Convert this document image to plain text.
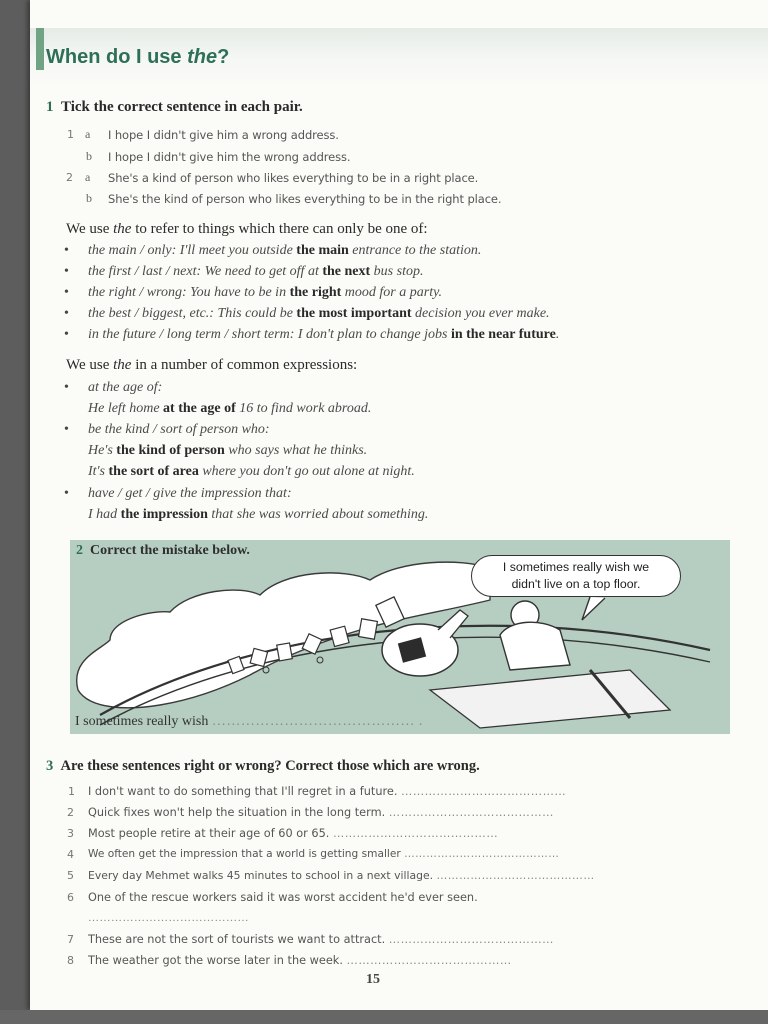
When do I use the?
1 Tick the correct sentence in each pair.
1 a I hope I didn't give him a wrong address.
b I hope I didn't give him the wrong address.
2 a She's a kind of person who likes everything to be in a right place.
b She's the kind of person who likes everything to be in the right place.
We use the to refer to things which there can only be one of:
• the main / only: I'll meet you outside the main entrance to the station.
• the first / last / next: We need to get off at the next bus stop.
• the right / wrong: You have to be in the right mood for a party.
• the best / biggest, etc.: This could be the most important decision you ever make.
• in the future / long term / short term: I don't plan to change jobs in the near future.
We use the in a number of common expressions:
• at the age of:
He left home at the age of 16 to find work abroad.
• be the kind / sort of person who:
He's the kind of person who says what he thinks.
It's the sort of area where you don't go out alone at night.
• have / get / give the impression that:
I had the impression that she was worried about something.
2 Correct the mistake below.
I sometimes really wish we
didn't live on a top floor.
I sometimes really wish …………………………………… .
3 Are these sentences right or wrong? Correct those which are wrong.
1 I don't want to do something that I'll regret in a future. ……………………………………
2 Quick fixes won't help the situation in the long term. ……………………………………
3 Most people retire at their age of 60 or 65. ……………………………………
4 We often get the impression that a world is getting smaller ……………………………………
5 Every day Mehmet walks 45 minutes to school in a next village. ……………………………………
6 One of the rescue workers said it was worst accident he'd ever seen.
……………………………………
7 These are not the sort of tourists we want to attract. ……………………………………
8 The weather got the worse later in the week. ……………………………………
15
